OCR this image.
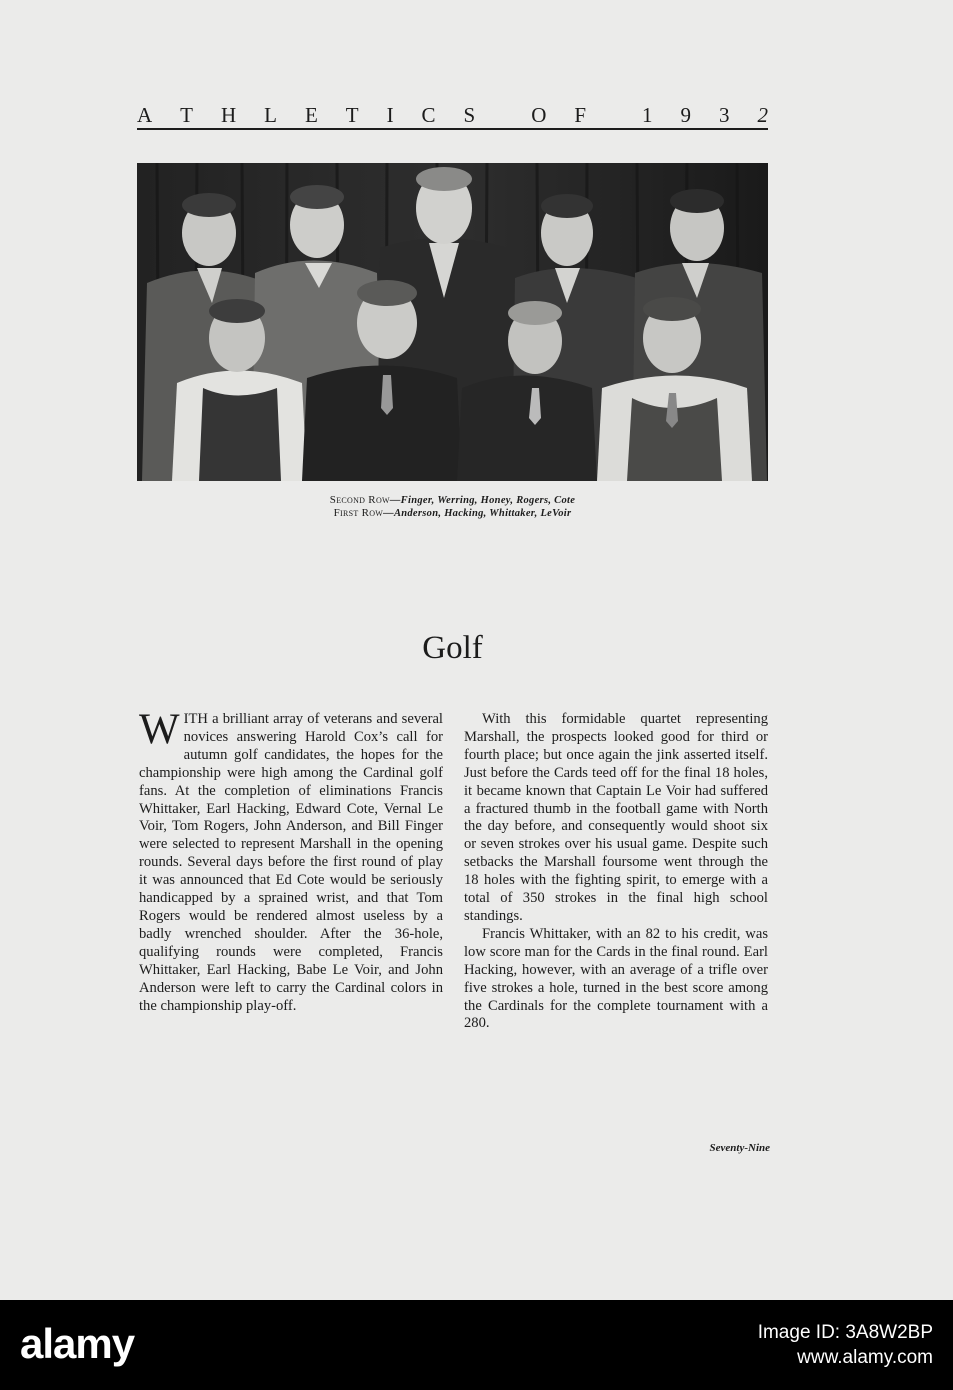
A T H L E T I C S	O F	1 9 3 2
Second Row—Finger, Werring, Honey, Rogers, Cote
First Row—Anderson, Hacking, Whittaker, LeVoir
Golf

WITH a brilliant array of veterans and several novices answering Harold Cox’s call for autumn golf candidates, the hopes for the championship were high among the Cardinal golf fans. At the completion of eliminations Francis Whittaker, Earl Hacking, Edward Cote, Vernal Le Voir, Tom Rogers, John Anderson, and Bill Finger were selected to represent Marshall in the opening rounds. Several days before the first round of play it was announced that Ed Cote would be seriously handicapped by a sprained wrist, and that Tom Rogers would be rendered almost useless by a badly wrenched shoulder. After the 36-hole, qualifying rounds were completed, Francis Whittaker, Earl Hacking, Babe Le Voir, and John Anderson were left to carry the Cardinal colors in the championship play-off.

With this formidable quartet representing Marshall, the prospects looked good for third or fourth place; but once again the jink asserted itself. Just before the Cards teed off for the final 18 holes, it became known that Captain Le Voir had suffered a fractured thumb in the football game with North the day before, and consequently would shoot six or seven strokes over his usual game. Despite such setbacks the Marshall foursome went through the 18 holes with the fighting spirit, to emerge with a total of 350 strokes in the final high school standings.

Francis Whittaker, with an 82 to his credit, was low score man for the Cards in the final round. Earl Hacking, however, with an average of a trifle over five strokes a hole, turned in the best score among the Cardinals for the complete tournament with a 280.

Seventy-Nine
alamy	Image ID: 3A8W2BP
www.alamy.com
